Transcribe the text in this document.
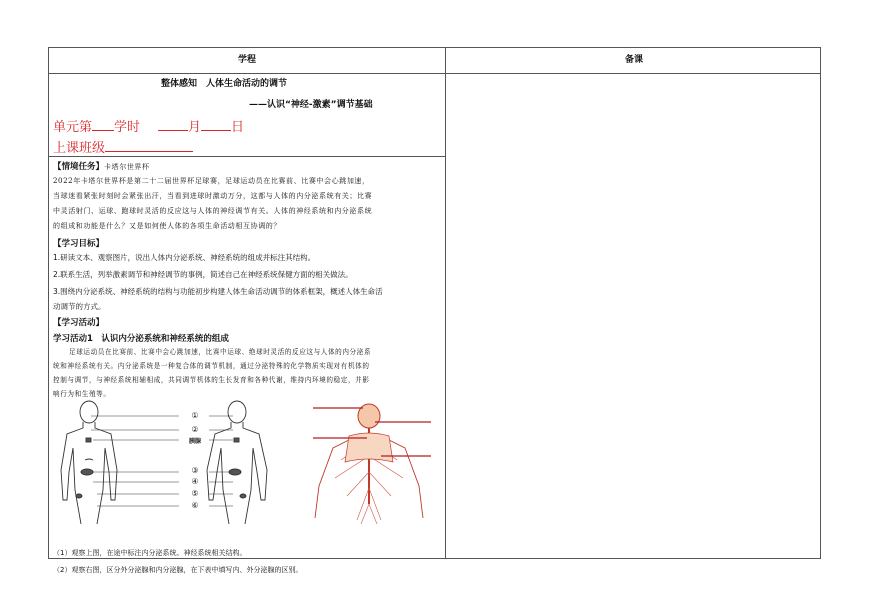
学程	备课
整体感知　人体生命活动的调节
——认识“神经-激素”调节基础
单元第 学时	月 日
上课班级
【情境任务】卡塔尔世界杯
2022年卡塔尔世界杯是第二十二届世界杯足球赛，足球运动员在比赛前、比赛中会心跳加速，
当球迷看紧张时刻时会紧张出汗，当看到进球时激动万分，这都与人体的内分泌系统有关；比赛
中灵活射门、运球、跑球时灵活的反应这与人体的神经调节有关。人体的神经系统和内分泌系统
的组成和功能是什么？又是如何使人体的各项生命活动相互协调的？
【学习目标】
1.研读文本、观察图片，说出人体内分泌系统、神经系统的组成并标注其结构。
2.联系生活，列举激素调节和神经调节的事例，简述自己在神经系统保健方面的相关做法。
3.围绕内分泌系统、神经系统的结构与功能初步构建人体生命活动调节的体系框架，概述人体生命活
动调节的方式。
【学习活动】
学习活动1　认识内分泌系统和神经系统的组成
足球运动员在比赛前、比赛中会心跳加速，比赛中运球、绝球时灵活的反应这与人体的内分泌系
统和神经系统有关。内分泌系统是一种复合体的调节机制，通过分泌特殊的化学物质实现对有机体的
控制与调节，与神经系统相辅相成，共同调节机体的生长发育和各种代谢，维持内环境的稳定，并影
响行为和生殖等。
①
②
胰腺
③
④
⑤
⑥
（1）观察上图，在途中标注内分泌系统、神经系统相关结构。
（2）观察右图，区分外分泌腺和内分泌腺，在下表中填写内、外分泌腺的区别。
